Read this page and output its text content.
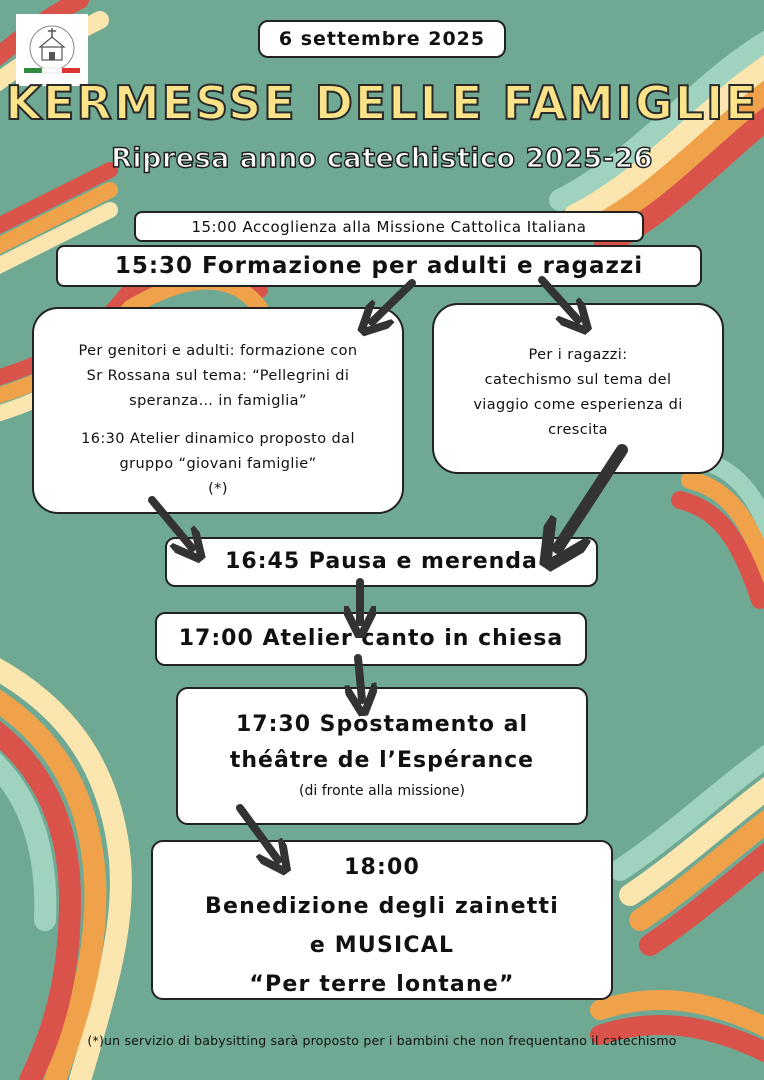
6 settembre 2025
KERMESSE DELLE FAMIGLIE
Ripresa anno catechistico 2025-26
15:00 Accoglienza alla Missione Cattolica Italiana
15:30 Formazione per adulti e ragazzi
Per genitori e adulti: formazione con
Sr Rossana sul tema: “Pellegrini di
speranza… in famiglia”
16:30 Atelier dinamico proposto dal
gruppo “giovani famiglie”
(*)
Per i ragazzi:
catechismo sul tema del
viaggio come esperienza di
crescita
16:45 Pausa e merenda
17:00 Atelier canto in chiesa
17:30 Spostamento al
théâtre de l’Espérance
(di fronte alla missione)
18:00
Benedizione degli zainetti
e MUSICAL
“Per terre lontane”
(*)un servizio di babysitting sarà proposto per i bambini che non frequentano il catechismo
